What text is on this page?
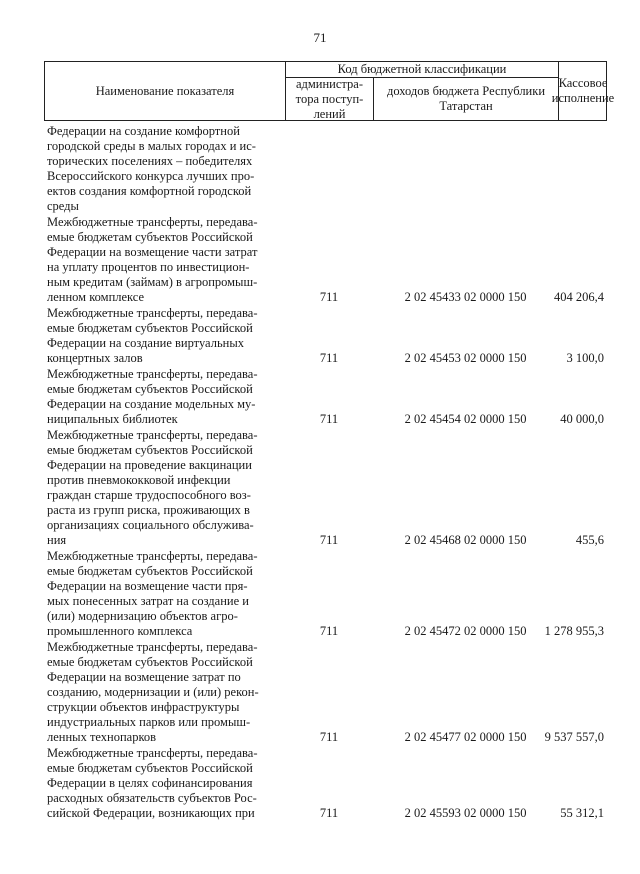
71
Наименование показателя
Код бюджетной классификации
администра-тора поступ-лений
доходов бюджета Республики Татарстан
Кассовое исполнение
Федерации на создание комфортной
городской среды в малых городах и ис-
торических поселениях – победителях
Всероссийского конкурса лучших про-
ектов создания комфортной городской
среды
Межбюджетные трансферты, передава-
емые бюджетам субъектов Российской
Федерации на возмещение части затрат
на уплату процентов по инвестицион-
ным кредитам (займам) в агропромыш-
ленном комплексе	711	2 02 45433 02 0000 150	404 206,4
Межбюджетные трансферты, передава-
емые бюджетам субъектов Российской
Федерации на создание виртуальных
концертных залов	711	2 02 45453 02 0000 150	3 100,0
Межбюджетные трансферты, передава-
емые бюджетам субъектов Российской
Федерации на создание модельных му-
ниципальных библиотек	711	2 02 45454 02 0000 150	40 000,0
Межбюджетные трансферты, передава-
емые бюджетам субъектов Российской
Федерации на проведение вакцинации
против пневмококковой инфекции
граждан старше трудоспособного воз-
раста из групп риска, проживающих в
организациях социального обслужива-
ния	711	2 02 45468 02 0000 150	455,6
Межбюджетные трансферты, передава-
емые бюджетам субъектов Российской
Федерации на возмещение части пря-
мых понесенных затрат на создание и
(или) модернизацию объектов агро-
промышленного комплекса	711	2 02 45472 02 0000 150	1 278 955,3
Межбюджетные трансферты, передава-
емые бюджетам субъектов Российской
Федерации на возмещение затрат по
созданию, модернизации и (или) рекон-
струкции объектов инфраструктуры
индустриальных парков или промыш-
ленных технопарков	711	2 02 45477 02 0000 150	9 537 557,0
Межбюджетные трансферты, передава-
емые бюджетам субъектов Российской
Федерации в целях софинансирования
расходных обязательств субъектов Рос-
сийской Федерации, возникающих при	711	2 02 45593 02 0000 150	55 312,1
